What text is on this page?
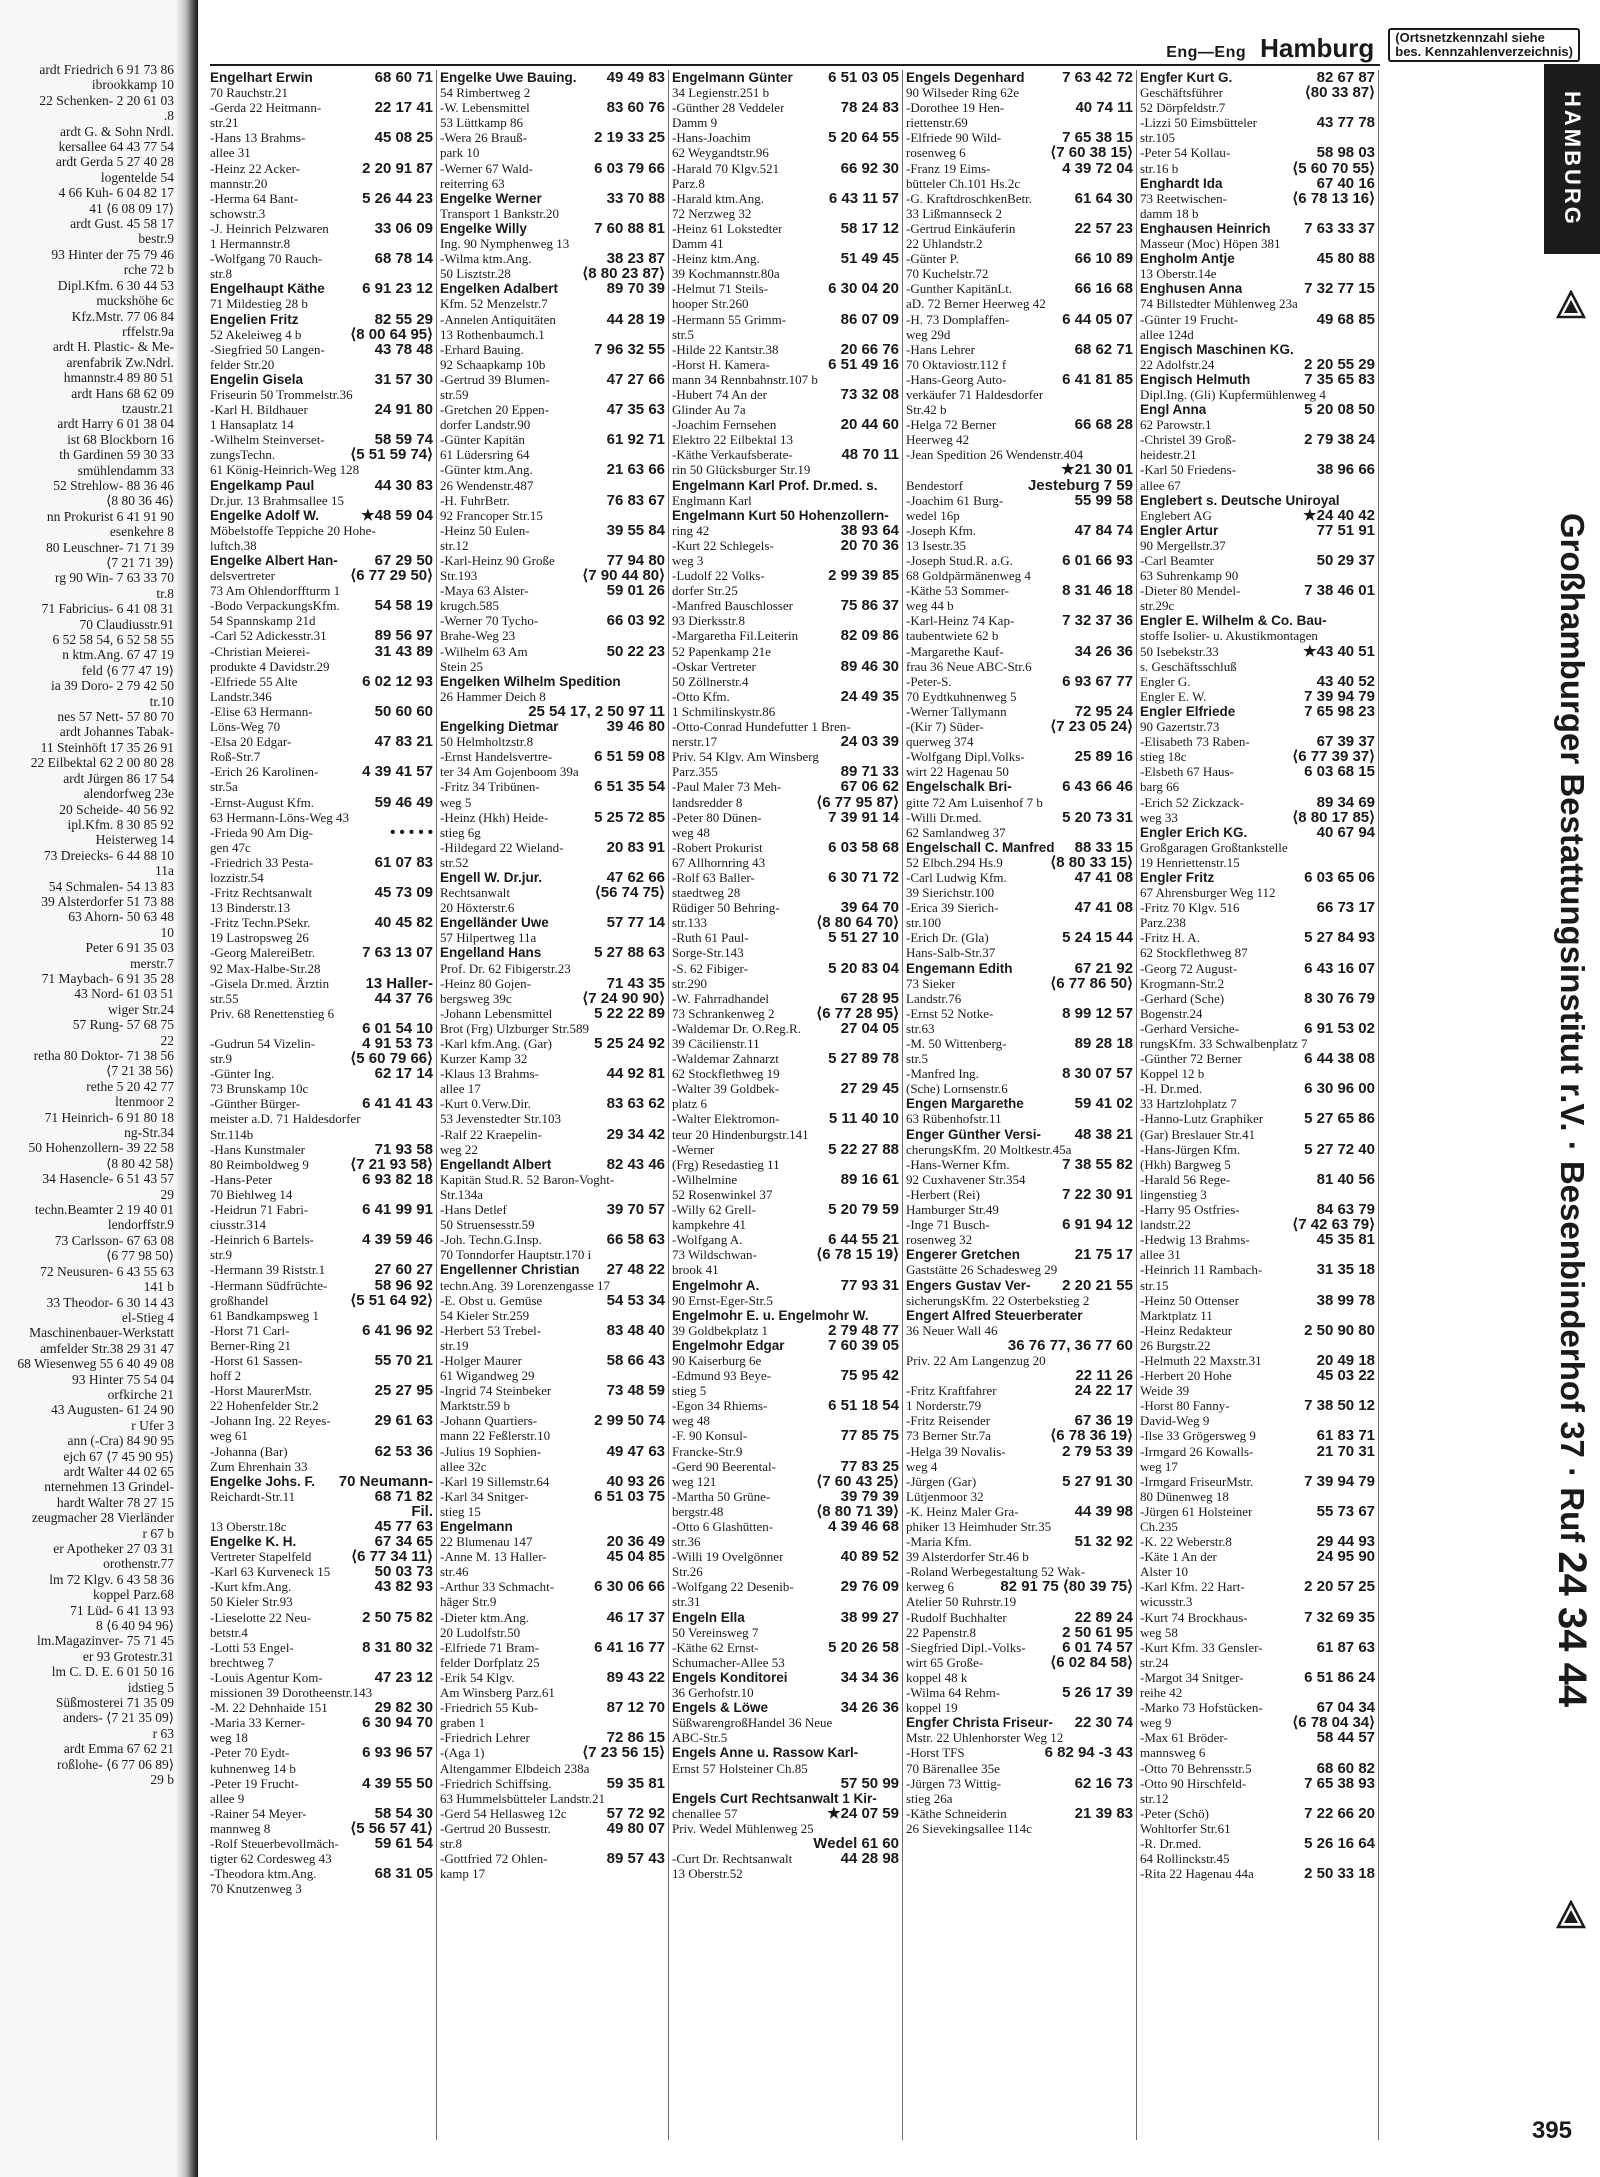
ardt Friedrich 6 91 73 86
ibrookkamp 10
22 Schenken- 2 20 61 03
.8
ardt G. & Sohn Nrdl.
kersallee 64 43 77 54
ardt Gerda 5 27 40 28
logentelde 54
4 66 Kuh- 6 04 82 17
41 ⟨6 08 09 17⟩
ardt Gust. 45 58 17
bestr.9
93 Hinter der 75 79 46
rche 72 b
Dipl.Kfm. 6 30 44 53
muckshöhe 6c
Kfz.Mstr. 77 06 84
rffelstr.9a
ardt H. Plastic- & Me-
arenfabrik Zw.Ndrl.
hmannstr.4 89 80 51
ardt Hans 68 62 09
tzaustr.21
ardt Harry 6 01 38 04
ist 68 Blockborn 16
th Gardinen 59 30 33
smühlendamm 33
52 Strehlow- 88 36 46
⟨8 80 36 46⟩
nn Prokurist 6 41 91 90
esenkehre 8
80 Leuschner- 71 71 39
⟨7 21 71 39⟩
rg 90 Win- 7 63 33 70
tr.8
71 Fabricius- 6 41 08 31
70 Claudiusstr.91
6 52 58 54, 6 52 58 55
n ktm.Ang. 67 47 19
feld ⟨6 77 47 19⟩
ia 39 Doro- 2 79 42 50
tr.10
nes 57 Nett- 57 80 70
ardt Johannes Tabak-
11 Steinhöft 17 35 26 91
22 Eilbektal 62 2 00 80 28
ardt Jürgen 86 17 54
alendorfweg 23e
20 Scheide- 40 56 92
ipl.Kfm. 8 30 85 92
Heisterweg 14
73 Dreiecks- 6 44 88 10
11a
54 Schmalen- 54 13 83
39 Alsterdorfer 51 73 88
63 Ahorn- 50 63 48
10
Peter 6 91 35 03
merstr.7
71 Maybach- 6 91 35 28
43 Nord- 61 03 51
wiger Str.24
57 Rung- 57 68 75
22
retha 80 Doktor- 71 38 56
⟨7 21 38 56⟩
rethe 5 20 42 77
ltenmoor 2
71 Heinrich- 6 91 80 18
ng-Str.34
50 Hohenzollern- 39 22 58
⟨8 80 42 58⟩
34 Hasencle- 6 51 43 57
29
techn.Beamter 2 19 40 01
lendorffstr.9
73 Carlsson- 67 63 08
⟨6 77 98 50⟩
72 Neusuren- 6 43 55 63
141 b
33 Theodor- 6 30 14 43
el-Stieg 4
Maschinenbauer-Werkstatt
amfelder Str.38 29 31 47
68 Wiesenweg 55 6 40 49 08
93 Hinter 75 54 04
orfkirche 21
43 Augusten- 61 24 90
r Ufer 3
ann (-Cra) 84 90 95
ejch 67 ⟨7 45 90 95⟩
ardt Walter 44 02 65
nternehmen 13 Grindel-
hardt Walter 78 27 15
zeugmacher 28 Vierländer
r 67 b
er Apotheker 27 03 31
orothenstr.77
lm 72 Klgv. 6 43 58 36
koppel Parz.68
71 Lüd- 6 41 13 93
8 ⟨6 40 94 96⟩
lm.Magazinver- 75 71 45
er 93 Grotestr.31
lm C. D. E. 6 01 50 16
idstieg 5
Süßmosterei 71 35 09
anders- ⟨7 21 35 09⟩
r 63
ardt Emma 67 62 21
roßlohe- ⟨6 77 06 89⟩
29 b
Eng—Eng Hamburg	(Ortsnetzkennzahl siehe
bes. Kennzahlenverzeichnis)
Engelhart Erwin	68 60 71
70 Rauchstr.21
-Gerda 22 Heitmann-	22 17 41
str.21
-Hans 13 Brahms-	45 08 25
allee 31
-Heinz 22 Acker-	2 20 91 87
mannstr.20
-Herma 64 Bant-	5 26 44 23
schowstr.3
-J. Heinrich Pelzwaren	33 06 09
1 Hermannstr.8
-Wolfgang 70 Rauch-	68 78 14
str.8
Engelhaupt Käthe 6 91 23 12
71 Mildestieg 28 b
Engelien Fritz	82 55 29
52 Akeleiweg 4 b	⟨8 00 64 95⟩
-Siegfried 50 Langen-	43 78 48
felder Str.20
Engelin Gisela	31 57 30
Friseurin 50 Trommelstr.36
-Karl H. Bildhauer	24 91 80
1 Hansaplatz 14
-Wilhelm Steinverset-	58 59 74
zungsTechn.	⟨5 51 59 74⟩
61 König-Heinrich-Weg 128
Engelkamp Paul	44 30 83
Dr.jur. 13 Brahmsallee 15
Engelke Adolf W.	★48 59 04
Möbelstoffe Teppiche 20 Hohe-
luftch.38
Engelke Albert Han- 67 29 50
delsvertreter	⟨6 77 29 50⟩
73 Am Ohlendorffturm 1
-Bodo VerpackungsKfm. 54 58 19
54 Spannskamp 21d
-Carl 52 Adickesstr.31	89 56 97
-Christian Meierei-	31 43 89
produkte 4 Davidstr.29
-Elfriede 55 Alte	6 02 12 93
Landstr.346
-Elise 63 Hermann-	50 60 60
Löns-Weg 70
-Elsa 20 Edgar-	47 83 21
Roß-Str.7
-Erich 26 Karolinen-	4 39 41 57
str.5a
-Ernst-August Kfm.	59 46 49
63 Hermann-Löns-Weg 43
-Frieda 90 Am Dig-	• • • • •
gen 47c
-Friedrich 33 Pesta-	61 07 83
lozzistr.54
-Fritz Rechtsanwalt	45 73 09
13 Binderstr.13
-Fritz Techn.PSekr.	40 45 82
19 Lastropsweg 26
-Georg MalereiBetr.	7 63 13 07
92 Max-Halbe-Str.28
-Gisela Dr.med. Ärztin 13 Haller-
str.55	44 37 76
Priv. 68 Renettenstieg 6
6 01 54 10
-Gudrun 54 Vizelin-	4 91 53 73
str.9	⟨5 60 79 66⟩
-Günter Ing.	62 17 14
73 Brunskamp 10c
-Günther Bürger-	6 41 41 43
meister a.D. 71 Haldesdorfer
Str.114b
-Hans Kunstmaler	71 93 58
80 Reimboldweg 9	⟨7 21 93 58⟩
-Hans-Peter	6 93 82 18
70 Biehlweg 14
-Heidrun 71 Fabri-	6 41 99 91
ciusstr.314
-Heinrich 6 Bartels-	4 39 59 46
str.9
-Hermann 39 Riststr.1	27 60 27
-Hermann Südfrüchte-	58 96 92
großhandel	⟨5 51 64 92⟩
61 Bandkampsweg 1
-Horst 71 Carl-	6 41 96 92
Berner-Ring 21
-Horst 61 Sassen-	55 70 21
hoff 2
-Horst MaurerMstr.	25 27 95
22 Hohenfelder Str.2
-Johann Ing. 22 Reyes-	29 61 63
weg 61
-Johanna (Bar)	62 53 36
Zum Ehrenhain 33
Engelke Johs. F. 70 Neumann-
Reichardt-Str.11	68 71 82
Fil.
13 Oberstr.18c	45 77 63
Engelke K. H.	67 34 65
Vertreter Stapelfeld	⟨6 77 34 11⟩
-Karl 63 Kurveneck 15	50 03 73
-Kurt kfm.Ang.	43 82 93
50 Kieler Str.93
-Lieselotte 22 Neu-	2 50 75 82
betstr.4
-Lotti 53 Engel-	8 31 80 32
brechtweg 7
-Louis Agentur Kom-	47 23 12
missionen 39 Dorotheenstr.143
-M. 22 Dehnhaide 151	29 82 30
-Maria 33 Kerner-	6 30 94 70
weg 18
-Peter 70 Eydt-	6 93 96 57
kuhnenweg 14 b
-Peter 19 Frucht-	4 39 55 50
allee 9
-Rainer 54 Meyer-	58 54 30
mannweg 8	⟨5 56 57 41⟩
-Rolf Steuerbevollmäch- 59 61 54
tigter 62 Cordesweg 43
-Theodora ktm.Ang.	68 31 05
70 Knutzenweg 3
Engelke Uwe Bauing. 49 49 83
54 Rimbertweg 2
-W. Lebensmittel	83 60 76
53 Lüttkamp 86
-Wera 26 Brauß-	2 19 33 25
park 10
-Werner 67 Wald-	6 03 79 66
reiterring 63
Engelke Werner	33 70 88
Transport 1 Bankstr.20
Engelke Willy	7 60 88 81
Ing. 90 Nymphenweg 13
-Wilma ktm.Ang.	38 23 87
50 Lisztstr.28	⟨8 80 23 87⟩
Engelken Adalbert	89 70 39
Kfm. 52 Menzelstr.7
-Annelen Antiquitäten	44 28 19
13 Rothenbaumch.1
-Erhard Bauing.	7 96 32 55
92 Schaapkamp 10b
-Gertrud 39 Blumen-	47 27 66
str.59
-Gretchen 20 Eppen-	47 35 63
dorfer Landstr.90
-Günter Kapitän	61 92 71
61 Lüdersring 64
-Günter ktm.Ang.	21 63 66
26 Wendenstr.487
-H. FuhrBetr.	76 83 67
92 Francoper Str.15
-Heinz 50 Eulen-	39 55 84
str.12
-Karl-Heinz 90 Große	77 94 80
Str.193	⟨7 90 44 80⟩
-Maya 63 Alster-	59 01 26
krugch.585
-Werner 70 Tycho-	66 03 92
Brahe-Weg 23
-Wilhelm 63 Am	50 22 23
Stein 25
Engelken Wilhelm Spedition
26 Hammer Deich 8
25 54 17, 2 50 97 11
Engelking Dietmar	39 46 80
50 Helmholtzstr.8
-Ernst Handelsvertre-	6 51 59 08
ter 34 Am Gojenboom 39a
-Fritz 34 Tribünen-	6 51 35 54
weg 5
-Heinz (Hkh) Heide-	5 25 72 85
stieg 6g
-Hildegard 22 Wieland-	20 83 91
str.52
Engell W. Dr.jur.	47 62 66
Rechtsanwalt	⟨56 74 75⟩
20 Höxterstr.6
Engelländer Uwe	57 77 14
57 Hilpertweg 11a
Engelland Hans	5 27 88 63
Prof. Dr. 62 Fibigerstr.23
-Heinz 80 Gojen-	71 43 35
bergsweg 39c	⟨7 24 90 90⟩
-Johann Lebensmittel	5 22 22 89
Brot (Frg) Ulzburger Str.589
-Karl kfm.Ang. (Gar)	5 25 24 92
Kurzer Kamp 32
-Klaus 13 Brahms-	44 92 81
allee 17
-Kurt 0.Verw.Dir.	83 63 62
53 Jevenstedter Str.103
-Ralf 22 Kraepelin-	29 34 42
weg 22
Engellandt Albert	82 43 46
Kapitän Stud.R. 52 Baron-Voght-
Str.134a
-Hans Detlef	39 70 57
50 Struensesstr.59
-Joh. Techn.G.Insp.	66 58 63
70 Tonndorfer Hauptstr.170 i
Engellenner Christian 27 48 22
techn.Ang. 39 Lorenzengasse 17
-E. Obst u. Gemüse	54 53 34
54 Kieler Str.259
-Herbert 53 Trebel-	83 48 40
str.19
-Holger Maurer	58 66 43
61 Wigandweg 29
-Ingrid 74 Steinbeker	73 48 59
Marktstr.59 b
-Johann Quartiers-	2 99 50 74
mann 22 Feßlerstr.10
-Julius 19 Sophien-	49 47 63
allee 32c
-Karl 19 Sillemstr.64	40 93 26
-Karl 34 Snitger-	6 51 03 75
stieg 15
Engelmann
22 Blumenau 147	20 36 49
-Anne M. 13 Haller-	45 04 85
str.46
-Arthur 33 Schmacht-	6 30 06 66
häger Str.9
-Dieter ktm.Ang.	46 17 37
20 Ludolfstr.50
-Elfriede 71 Bram-	6 41 16 77
felder Dorfplatz 25
-Erik 54 Klgv.	89 43 22
Am Winsberg Parz.61
-Friedrich 55 Kub-	87 12 70
graben 1
-Friedrich Lehrer	72 86 15
-(Aga 1)	⟨7 23 56 15⟩
Altengammer Elbdeich 238a
-Friedrich Schiffsing.	59 35 81
63 Hummelsbütteler Landstr.21
-Gerd 54 Hellasweg 12c	57 72 92
-Gertrud 20 Bussestr.	49 80 07
str.8
-Gottfried 72 Ohlen-	89 57 43
kamp 17
Engelmann Günter 6 51 03 05
34 Legienstr.251 b
-Günther 28 Veddeler	78 24 83
Damm 9
-Hans-Joachim	5 20 64 55
62 Weygandtstr.96
-Harald 70 Klgv.521	66 92 30
Parz.8
-Harald ktm.Ang.	6 43 11 57
72 Nerzweg 32
-Heinz 61 Lokstedter	58 17 12
Damm 41
-Heinz ktm.Ang.	51 49 45
39 Kochmannstr.80a
-Helmut 71 Steils-	6 30 04 20
hooper Str.260
-Hermann 55 Grimm-	86 07 09
str.5
-Hilde 22 Kantstr.38	20 66 76
-Horst H. Kamera-	6 51 49 16
mann 34 Rennbahnstr.107 b
-Hubert 74 An der	73 32 08
Glinder Au 7a
-Joachim Fernsehen	20 44 60
Elektro 22 Eilbektal 13
-Käthe Verkaufsberate-	48 70 11
rin 50 Glücksburger Str.19
Engelmann Karl Prof. Dr.med. s.
Englmann Karl
Engelmann Kurt 50 Hohenzollern-
ring 42	38 93 64
-Kurt 22 Schlegels-	20 70 36
weg 3
-Ludolf 22 Volks-	2 99 39 85
dorfer Str.25
-Manfred Bauschlosser	75 86 37
93 Dierksstr.8
-Margaretha Fil.Leiterin	82 09 86
52 Papenkamp 21e
-Oskar Vertreter	89 46 30
50 Zöllnerstr.4
-Otto Kfm.	24 49 35
1 Schmilinskystr.86
-Otto-Conrad Hundefutter 1 Bren-
nerstr.17	24 03 39
Priv. 54 Klgv. Am Winsberg
Parz.355	89 71 33
-Paul Maler 73 Meh-	67 06 62
landsredder 8	⟨6 77 95 87⟩
-Peter 80 Dünen-	7 39 91 14
weg 48
-Robert Prokurist	6 03 58 68
67 Allhornring 43
-Rolf 63 Baller-	6 30 71 72
staedtweg 28
Rüdiger 50 Behring-	39 64 70
str.133	⟨8 80 64 70⟩
-Ruth 61 Paul-	5 51 27 10
Sorge-Str.143
-S. 62 Fibiger-	5 20 83 04
str.290
-W. Fahrradhandel	67 28 95
73 Schrankenweg 2	⟨6 77 28 95⟩
-Waldemar Dr. O.Reg.R.	27 04 05
39 Cäcilienstr.11
-Waldemar Zahnarzt	5 27 89 78
62 Stockflethweg 19
-Walter 39 Goldbek-	27 29 45
platz 6
-Walter Elektromon-	5 11 40 10
teur 20 Hindenburgstr.141
-Werner	5 22 27 88
(Frg) Resedastieg 11
-Wilhelmine	89 16 61
52 Rosenwinkel 37
-Willy 62 Grell-	5 20 79 59
kampkehre 41
-Wolfgang A.	6 44 55 21
73 Wildschwan-	⟨6 78 15 19⟩
brook 41
Engelmohr A.	77 93 31
90 Ernst-Eger-Str.5
Engelmohr E. u. Engelmohr W.
39 Goldbekplatz 1	2 79 48 77
Engelmohr Edgar	7 60 39 05
90 Kaiserburg 6e
-Edmund 93 Beye-	75 95 42
stieg 5
-Egon 34 Rhiems-	6 51 18 54
weg 48
-F. 90 Konsul-	77 85 75
Francke-Str.9
-Gerd 90 Beerental-	77 83 25
weg 121	⟨7 60 43 25⟩
-Martha 50 Grüne-	39 79 39
bergstr.48	⟨8 80 71 39⟩
-Otto 6 Glashütten-	4 39 46 68
str.36
-Willi 19 Ovelgönner	40 89 52
Str.26
-Wolfgang 22 Desenib-	29 76 09
str.31
Engeln Ella	38 99 27
50 Vereinsweg 7
-Käthe 62 Ernst-	5 20 26 58
Schumacher-Allee 53
Engels Konditorei	34 34 36
36 Gerhofstr.10
Engels & Löwe	34 26 36
SüßwarengroßHandel 36 Neue
ABC-Str.5
Engels Anne u. Rassow Karl-
Ernst 57 Holsteiner Ch.85
57 50 99
Engels Curt Rechtsanwalt 1 Kir-
chenallee 57	★24 07 59
Priv. Wedel Mühlenweg 25
Wedel 61 60
-Curt Dr. Rechtsanwalt	44 28 98
13 Oberstr.52
Engels Degenhard	7 63 42 72
90 Wilseder Ring 62e
-Dorothee 19 Hen-	40 74 11
riettenstr.69
-Elfriede 90 Wild-	7 65 38 15
rosenweg 6	⟨7 60 38 15⟩
-Franz 19 Eims-	4 39 72 04
bütteler Ch.101 Hs.2c
-G. KraftdroschkenBetr.	61 64 30
33 Lißmannseck 2
-Gertrud Einkäuferin	22 57 23
22 Uhlandstr.2
-Günter P.	66 10 89
70 Kuchelstr.72
-Gunther KapitänLt.	66 16 68
aD. 72 Berner Heerweg 42
-H. 73 Domplaffen-	6 44 05 07
weg 29d
-Hans Lehrer	68 62 71
70 Oktaviostr.112 f
-Hans-Georg Auto-	6 41 81 85
verkäufer 71 Haldesdorfer
Str.42 b
-Helga 72 Berner	66 68 28
Heerweg 42
-Jean Spedition 26 Wendenstr.404
★21 30 01
Bendestorf	Jesteburg 7 59
-Joachim 61 Burg-	55 99 58
wedel 16p
-Joseph Kfm.	47 84 74
13 Isestr.35
-Joseph Stud.R. a.G.	6 01 66 93
68 Goldpärmänenweg 4
-Käthe 53 Sommer-	8 31 46 18
weg 44 b
-Karl-Heinz 74 Kap-	7 32 37 36
taubentwiete 62 b
-Margarethe Kauf-	34 26 36
frau 36 Neue ABC-Str.6
-Peter-S.	6 93 67 77
70 Eydtkuhnenweg 5
-Werner Tallymann	72 95 24
-(Kir 7) Süder-	⟨7 23 05 24⟩
querweg 374
-Wolfgang Dipl.Volks-	25 89 16
wirt 22 Hagenau 50
Engelschalk Bri-	6 43 66 46
gitte 72 Am Luisenhof 7 b
-Willi Dr.med.	5 20 73 31
62 Samlandweg 37
Engelschall C. Manfred 88 33 15
52 Elbch.294 Hs.9	⟨8 80 33 15⟩
-Carl Ludwig Kfm.	47 41 08
39 Sierichstr.100
-Erica 39 Sierich-	47 41 08
str.100
-Erich Dr. (Gla)	5 24 15 44
Hans-Salb-Str.37
Engemann Edith	67 21 92
73 Sieker	⟨6 77 86 50⟩
Landstr.76
-Ernst 52 Notke-	8 99 12 57
str.63
-M. 50 Wittenberg-	89 28 18
str.5
-Manfred Ing.	8 30 07 57
(Sche) Lornsenstr.6
Engen Margarethe	59 41 02
63 Rübenhofstr.11
Enger Günther Versi- 48 38 21
cherungsKfm. 20 Moltkestr.45a
-Hans-Werner Kfm.	7 38 55 82
92 Cuxhavener Str.354
-Herbert (Rei)	7 22 30 91
Hamburger Str.49
-Inge 71 Busch-	6 91 94 12
rosenweg 32
Engerer Gretchen	21 75 17
Gaststätte 26 Schadesweg 29
Engers Gustav Ver- 2 20 21 55
sicherungsKfm. 22 Osterbekstieg 2
Engert Alfred Steuerberater
36 Neuer Wall 46
36 76 77, 36 77 60
Priv. 22 Am Langenzug 20
22 11 26
-Fritz Kraftfahrer	24 22 17
1 Norderstr.79
-Fritz Reisender	67 36 19
73 Berner Str.7a	⟨6 78 36 19⟩
-Helga 39 Novalis-	2 79 53 39
weg 4
-Jürgen (Gar)	5 27 91 30
Lütjenmoor 32
-K. Heinz Maler Gra-	44 39 98
phiker 13 Heimhuder Str.35
-Maria Kfm.	51 32 92
39 Alsterdorfer Str.46 b
-Roland Werbegestaltung 52 Wak-
kerweg 6	82 91 75 ⟨80 39 75⟩
Atelier 50 Ruhrstr.19
-Rudolf Buchhalter	22 89 24
22 Papenstr.8	2 50 61 95
-Siegfried Dipl.-Volks- 6 01 74 57
wirt 65 Große-	⟨6 02 84 58⟩
koppel 48 k
-Wilma 64 Rehm-	5 26 17 39
koppel 19
Engfer Christa Friseur- 22 30 74
Mstr. 22 Uhlenhorster Weg 12
-Horst TFS	6 82 94 -3 43
70 Bärenallee 35e
-Jürgen 73 Wittig-	62 16 73
stieg 26a
-Käthe Schneiderin	21 39 83
26 Sievekingsallee 114c
Engfer Kurt G.	82 67 87
Geschäftsführer	⟨80 33 87⟩
52 Dörpfeldstr.7
-Lizzi 50 Eimsbütteler	43 77 78
str.105
-Peter 54 Kollau-	58 98 03
str.16 b	⟨5 60 70 55⟩
Enghardt Ida	67 40 16
73 Reetwischen-	⟨6 78 13 16⟩
damm 18 b
Enghausen Heinrich 7 63 33 37
Masseur (Moc) Höpen 381
Engholm Antje	45 80 88
13 Oberstr.14e
Enghusen Anna	7 32 77 15
74 Billstedter Mühlenweg 23a
-Günter 19 Frucht-	49 68 85
allee 124d
Engisch Maschinen KG.
22 Adolfstr.24	2 20 55 29
Engisch Helmuth	7 35 65 83
Dipl.Ing. (Gli) Kupfermühlenweg 4
Engl Anna	5 20 08 50
62 Parowstr.1
-Christel 39 Groß-	2 79 38 24
heidestr.21
-Karl 50 Friedens-	38 96 66
allee 67
Englebert s. Deutsche Uniroyal
Englebert AG	★24 40 42
Engler Artur	77 51 91
90 Mergellstr.37
-Carl Beamter	50 29 37
63 Suhrenkamp 90
-Dieter 80 Mendel-	7 38 46 01
str.29c
Engler E. Wilhelm & Co. Bau-
stoffe Isolier- u. Akustikmontagen
50 Isebekstr.33	★43 40 51
s. Geschäftsschluß
Engler G.	43 40 52
Engler E. W.	7 39 94 79
Engler Elfriede	7 65 98 23
90 Gazertstr.73
-Elisabeth 73 Raben-	67 39 37
stieg 18c	⟨6 77 39 37⟩
-Elsbeth 67 Haus-	6 03 68 15
barg 66
-Erich 52 Zickzack-	89 34 69
weg 33	⟨8 80 17 85⟩
Engler Erich KG.	40 67 94
Großgaragen Großtankstelle
19 Henriettenstr.15
Engler Fritz	6 03 65 06
67 Ahrensburger Weg 112
-Fritz 70 Klgv. 516	66 73 17
Parz.238
-Fritz H. A.	5 27 84 93
62 Stockflethweg 87
-Georg 72 August-	6 43 16 07
Krogmann-Str.2
-Gerhard (Sche)	8 30 76 79
Bogenstr.24
-Gerhard Versiche-	6 91 53 02
rungsKfm. 33 Schwalbenplatz 7
-Günther 72 Berner	6 44 38 08
Koppel 12 b
-H. Dr.med.	6 30 96 00
33 Hartzlohplatz 7
-Hanno-Lutz Graphiker	5 27 65 86
(Gar) Breslauer Str.41
-Hans-Jürgen Kfm.	5 27 72 40
(Hkh) Bargweg 5
-Harald 56 Rege-	81 40 56
lingenstieg 3
-Harry 95 Ostfries-	84 63 79
landstr.22	⟨7 42 63 79⟩
-Hedwig 13 Brahms-	45 35 81
allee 31
-Heinrich 11 Rambach-	31 35 18
str.15
-Heinz 50 Ottenser	38 99 78
Marktplatz 11
-Heinz Redakteur	2 50 90 80
26 Burgstr.22
-Helmuth 22 Maxstr.31	20 49 18
-Herbert 20 Hohe	45 03 22
Weide 39
-Horst 80 Fanny-	7 38 50 12
David-Weg 9
-Ilse 33 Grögersweg 9	61 83 71
-Irmgard 26 Kowalls-	21 70 31
weg 17
-Irmgard FriseurMstr.	7 39 94 79
80 Dünenweg 18
-Jürgen 61 Holsteiner	55 73 67
Ch.235
-K. 22 Weberstr.8	29 44 93
-Käte 1 An der	24 95 90
Alster 10
-Karl Kfm. 22 Hart-	2 20 57 25
wicusstr.3
-Kurt 74 Brockhaus-	7 32 69 35
weg 58
-Kurt Kfm. 33 Gensler-	61 87 63
str.24
-Margot 34 Snitger-	6 51 86 24
reihe 42
-Marko 73 Hofstücken-	67 04 34
weg 9	⟨6 78 04 34⟩
-Max 61 Bröder-	58 44 57
mannsweg 6
-Otto 70 Behrensstr.5	68 60 82
-Otto 90 Hirschfeld-	7 65 38 93
str.12
-Peter (Schö)	7 22 66 20
Wohltorfer Str.61
-R. Dr.med.	5 26 16 64
64 Rollinckstr.45
-Rita 22 Hagenau 44a	2 50 33 18
HAMBURG
Großhamburger Bestattungsinstitut r.V. · Besenbinderhof 37 · Ruf 24 34 44
395
